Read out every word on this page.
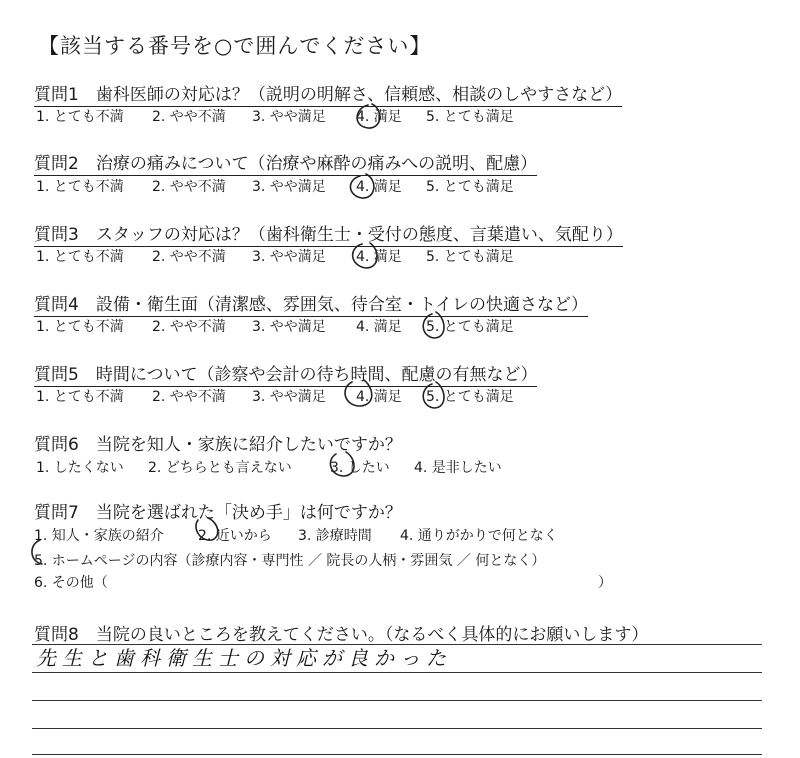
【該当する番号を○で囲んでください】
質問1　歯科医師の対応は？（説明の明解さ、信頼感、相談のしやすさなど）
1. とても不満 2. やや不満 3. やや満足 4. 満足 5. とても満足
質問2　治療の痛みについて（治療や麻酔の痛みへの説明、配慮）
1. とても不満 2. やや不満 3. やや満足 4. 満足 5. とても満足
質問3　スタッフの対応は？（歯科衛生士・受付の態度、言葉遣い、気配り）
1. とても不満 2. やや不満 3. やや満足 4. 満足 5. とても満足
質問4　設備・衛生面（清潔感、雰囲気、待合室・トイレの快適さなど）
1. とても不満 2. やや不満 3. やや満足 4. 満足 5. とても満足
質問5　時間について（診察や会計の待ち時間、配慮の有無など）
1. とても不満 2. やや不満 3. やや満足 4. 満足 5. とても満足
質問6　当院を知人・家族に紹介したいですか？
1. したくない 2. どちらとも言えない	3. したい 4. 是非したい
質問7　当院を選ばれた「決め手」は何ですか？
1. 知人・家族の紹介 2. 近いから 3. 診療時間 4. 通りがかりで何となく
5. ホームページの内容（診療内容・専門性 ／ 院長の人柄・雰囲気 ／ 何となく）
6. その他（	）
質問8　当院の良いところを教えてください。（なるべく具体的にお願いします）
先生と歯科衛生士の対応が良かった
